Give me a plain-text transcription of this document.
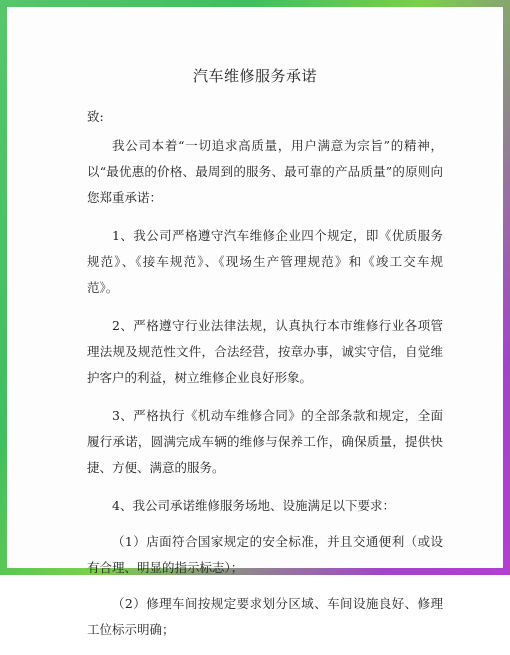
汽车维修服务承诺
致:

我公司本着“一切追求高质量，用户满意为宗旨”的精神，以“最优惠的价格、最周到的服务、最可靠的产品质量”的原则向您郑重承诺：

1、我公司严格遵守汽车维修企业四个规定，即《优质服务规范》、《接车规范》、《现场生产管理规范》和《竣工交车规范》。

2、严格遵守行业法律法规，认真执行本市维修行业各项管理法规及规范性文件，合法经营，按章办事，诚实守信，自觉维护客户的利益，树立维修企业良好形象。

3、严格执行《机动车维修合同》的全部条款和规定，全面履行承诺，圆满完成车辆的维修与保养工作，确保质量，提供快捷、方便、满意的服务。

4、我公司承诺维修服务场地、设施满足以下要求：

（1）店面符合国家规定的安全标准，并且交通便利（或设有合理、明显的指示标志）；

（2）修理车间按规定要求划分区域、车间设施良好、修理工位标示明确；
